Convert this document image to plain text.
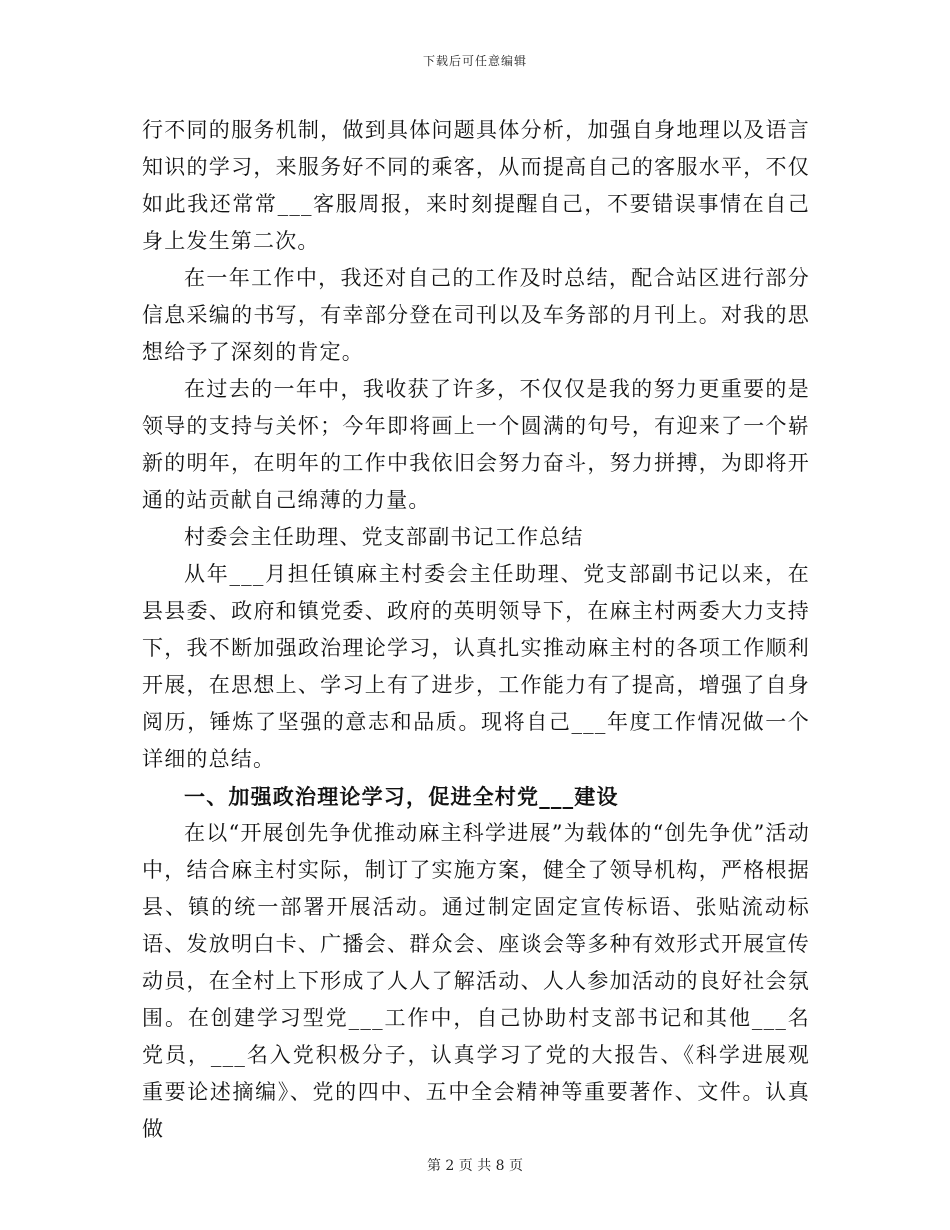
下载后可任意编辑

行不同的服务机制，做到具体问题具体分析，加强自身地理以及语言知识的学习，来服务好不同的乘客，从而提高自己的客服水平，不仅如此我还常常___客服周报，来时刻提醒自己，不要错误事情在自己身上发生第二次。

在一年工作中，我还对自己的工作及时总结，配合站区进行部分信息采编的书写，有幸部分登在司刊以及车务部的月刊上。对我的思想给予了深刻的肯定。

在过去的一年中，我收获了许多，不仅仅是我的努力更重要的是领导的支持与关怀；今年即将画上一个圆满的句号，有迎来了一个崭新的明年，在明年的工作中我依旧会努力奋斗，努力拼搏，为即将开通的站贡献自己绵薄的力量。

村委会主任助理、党支部副书记工作总结

从年___月担任镇麻主村委会主任助理、党支部副书记以来，在县县委、政府和镇党委、政府的英明领导下，在麻主村两委大力支持下，我不断加强政治理论学习，认真扎实推动麻主村的各项工作顺利开展，在思想上、学习上有了进步，工作能力有了提高，增强了自身阅历，锤炼了坚强的意志和品质。现将自己___年度工作情况做一个详细的总结。

一、加强政治理论学习，促进全村党___建设

在以“开展创先争优推动麻主科学进展”为载体的“创先争优”活动中，结合麻主村实际，制订了实施方案，健全了领导机构，严格根据县、镇的统一部署开展活动。通过制定固定宣传标语、张贴流动标语、发放明白卡、广播会、群众会、座谈会等多种有效形式开展宣传动员，在全村上下形成了人人了解活动、人人参加活动的良好社会氛围。在创建学习型党___工作中，自己协助村支部书记和其他___名党员，___名入党积极分子，认真学习了党的大报告、《科学进展观重要论述摘编》、党的四中、五中全会精神等重要著作、文件。认真做

第 2 页 共 8 页
